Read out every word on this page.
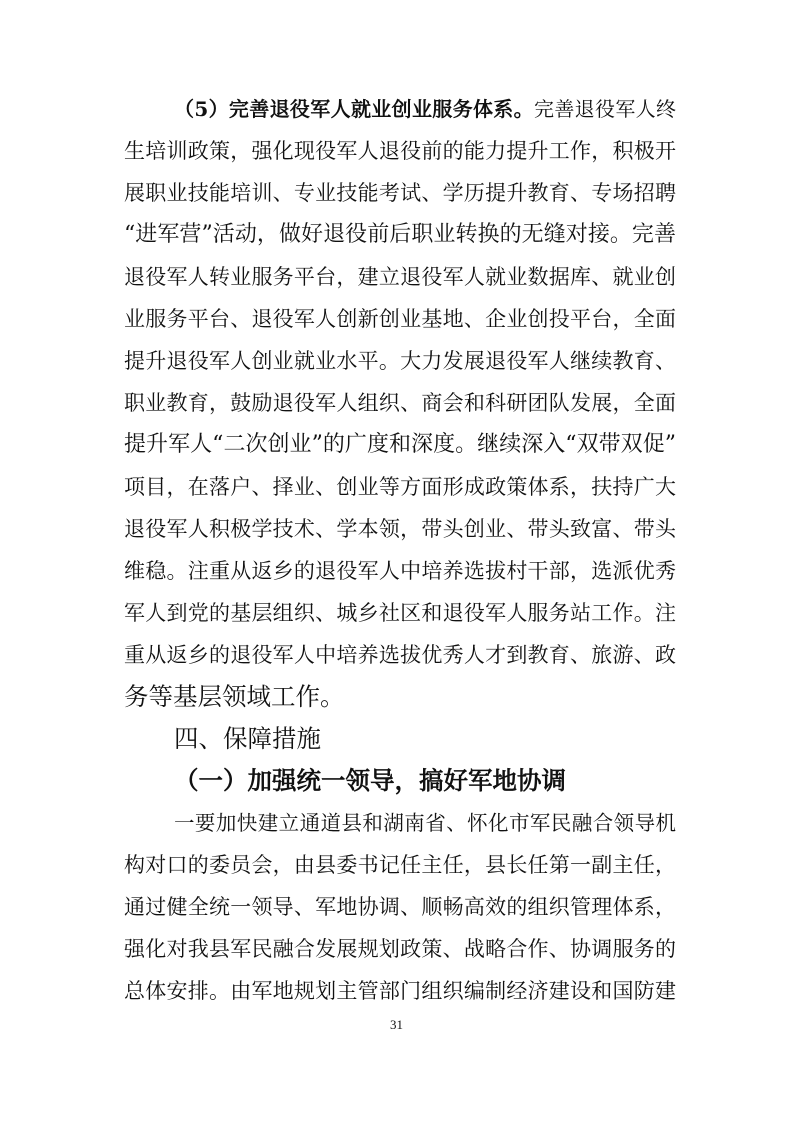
（5）完善退役军人就业创业服务体系。完善退役军人终
生培训政策，强化现役军人退役前的能力提升工作，积极开
展职业技能培训、专业技能考试、学历提升教育、专场招聘
“进军营”活动，做好退役前后职业转换的无缝对接。完善
退役军人转业服务平台，建立退役军人就业数据库、就业创
业服务平台、退役军人创新创业基地、企业创投平台，全面
提升退役军人创业就业水平。大力发展退役军人继续教育、
职业教育，鼓励退役军人组织、商会和科研团队发展，全面
提升军人“二次创业”的广度和深度。继续深入“双带双促”
项目，在落户、择业、创业等方面形成政策体系，扶持广大
退役军人积极学技术、学本领，带头创业、带头致富、带头
维稳。注重从返乡的退役军人中培养选拔村干部，选派优秀
军人到党的基层组织、城乡社区和退役军人服务站工作。注
重从返乡的退役军人中培养选拔优秀人才到教育、旅游、政
务等基层领域工作。
四、保障措施
（一）加强统一领导，搞好军地协调
一要加快建立通道县和湖南省、怀化市军民融合领导机
构对口的委员会，由县委书记任主任，县长任第一副主任，
通过健全统一领导、军地协调、顺畅高效的组织管理体系，
强化对我县军民融合发展规划政策、战略合作、协调服务的
总体安排。由军地规划主管部门组织编制经济建设和国防建
31
